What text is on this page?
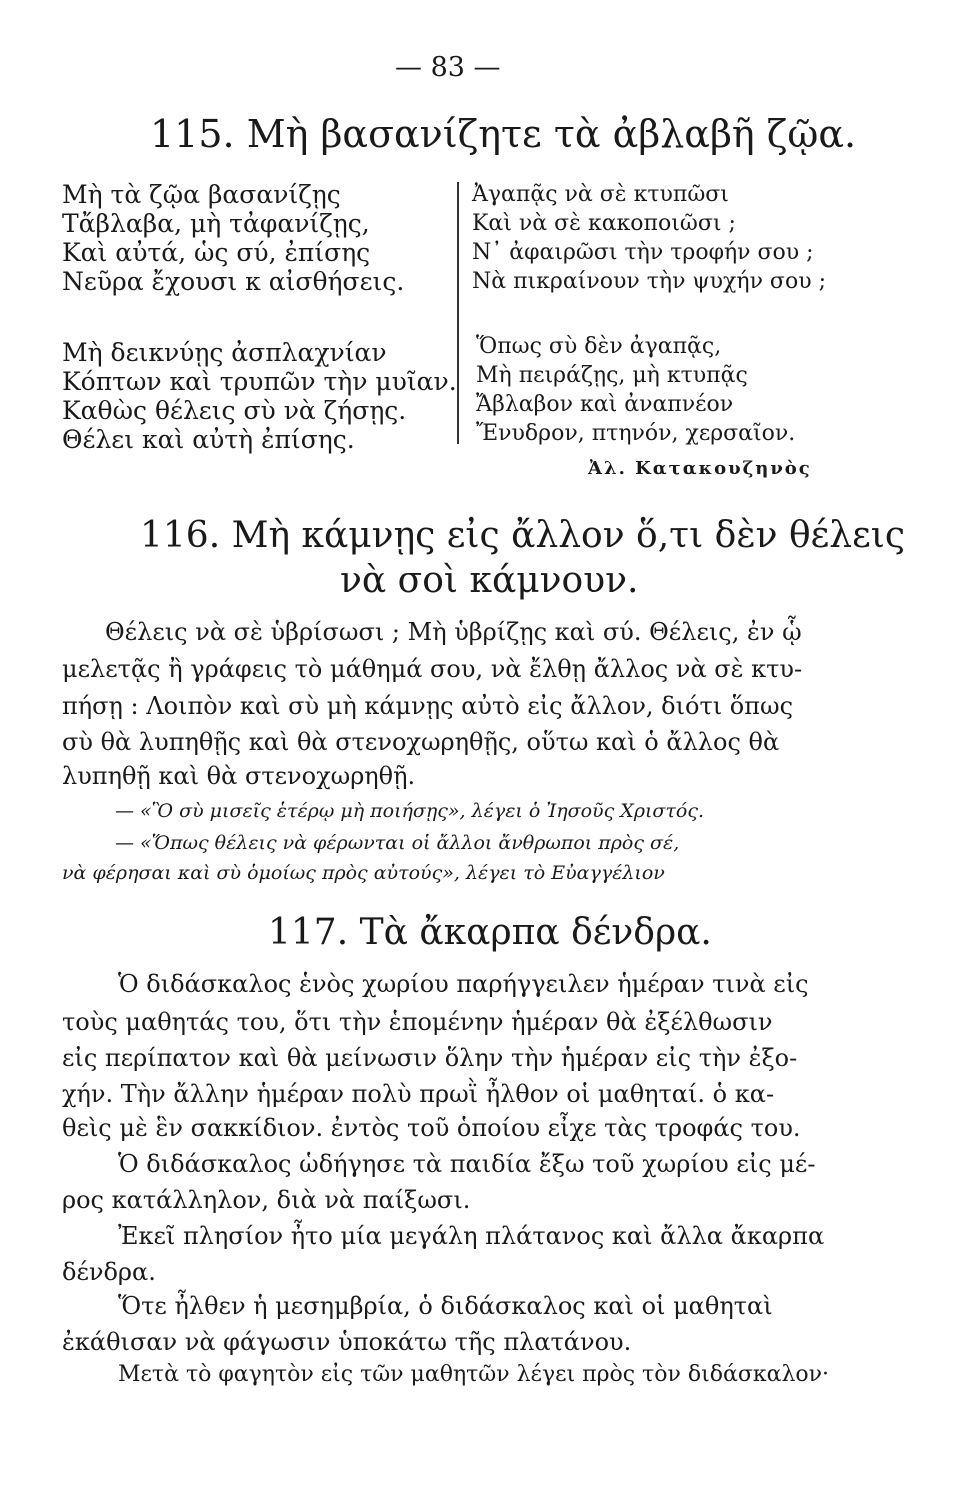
— 83 —
115. Μὴ βασανίζητε τὰ ἀβλαβῆ ζῷα.
Μὴ τὰ ζῷα βασανίζῃς
Τἄβλαβα, μὴ τἀφανίζῃς,
Καὶ αὐτά, ὡς σύ, ἐπίσης
Νεῦρα ἔχουσι κ αἰσθήσεις.
Μὴ δεικνύῃς ἀσπλαχνίαν
Κόπτων καὶ τρυπῶν τὴν μυῖαν.
Καθὼς θέλεις σὺ νὰ ζήσῃς.
Θέλει καὶ αὐτὴ ἐπίσης.
Ἀγαπᾷς νὰ σὲ κτυπῶσι
Καὶ νὰ σὲ κακοποιῶσι ;
Ν᾽ ἀφαιρῶσι τὴν τροφήν σου ;
Νὰ πικραίνουν τὴν ψυχήν σου ;
Ὅπως σὺ δὲν ἀγαπᾷς,
Μὴ πειράζῃς, μὴ κτυπᾷς
Ἄβλαβον καὶ ἀναπνέον
Ἔνυδρον, πτηνόν, χερσαῖον.
Ἀλ. Κατακουζηνὸς
116. Μὴ κάμνῃς εἰς ἄλλον ὅ,τι δὲν θέλεις
νὰ σοὶ κάμνουν.
Θέλεις νὰ σὲ ὑβρίσωσι ; Μὴ ὑβρίζῃς καὶ σύ. Θέλεις, ἐν ᾧ
μελετᾷς ἢ γράφεις τὸ μάθημά σου, νὰ ἔλθῃ ἄλλος νὰ σὲ κτυ-
πήσῃ : Λοιπὸν καὶ σὺ μὴ κάμνῃς αὐτὸ εἰς ἄλλον, διότι ὅπως
σὺ θὰ λυπηθῇς καὶ θὰ στενοχωρηθῇς, οὕτω καὶ ὁ ἄλλος θὰ
λυπηθῇ καὶ θὰ στενοχωρηθῇ.
— «Ὃ σὺ μισεῖς ἑτέρῳ μὴ ποιήσῃς», λέγει ὁ Ἰησοῦς Χριστός.
— «Ὅπως θέλεις νὰ φέρωνται οἱ ἄλλοι ἄνθρωποι πρὸς σέ,
νὰ φέρησαι καὶ σὺ ὁμοίως πρὸς αὐτούς», λέγει τὸ Εὐαγγέλιον
117. Τὰ ἄκαρπα δένδρα.
Ὁ διδάσκαλος ἑνὸς χωρίου παρήγγειλεν ἡμέραν τινὰ εἰς
τοὺς μαθητάς του, ὅτι τὴν ἑπομένην ἡμέραν θὰ ἐξέλθωσιν
εἰς περίπατον καὶ θὰ μείνωσιν ὅλην τὴν ἡμέραν εἰς τὴν ἐξο-
χήν. Τὴν ἄλλην ἡμέραν πολὺ πρωῒ ἦλθον οἱ μαθηταί. ὁ κα-
θεὶς μὲ ἓν σακκίδιον. ἐντὸς τοῦ ὁποίου εἶχε τὰς τροφάς του.
Ὁ διδάσκαλος ὡδήγησε τὰ παιδία ἔξω τοῦ χωρίου εἰς μέ-
ρος κατάλληλον, διὰ νὰ παίξωσι.
Ἐκεῖ πλησίον ἦτο μία μεγάλη πλάτανος καὶ ἄλλα ἄκαρπα
δένδρα.
Ὅτε ἦλθεν ἡ μεσημβρία, ὁ διδάσκαλος καὶ οἱ μαθηταὶ
ἐκάθισαν νὰ φάγωσιν ὑποκάτω τῆς πλατάνου.
Μετὰ τὸ φαγητὸν εἰς τῶν μαθητῶν λέγει πρὸς τὸν διδάσκαλον·
